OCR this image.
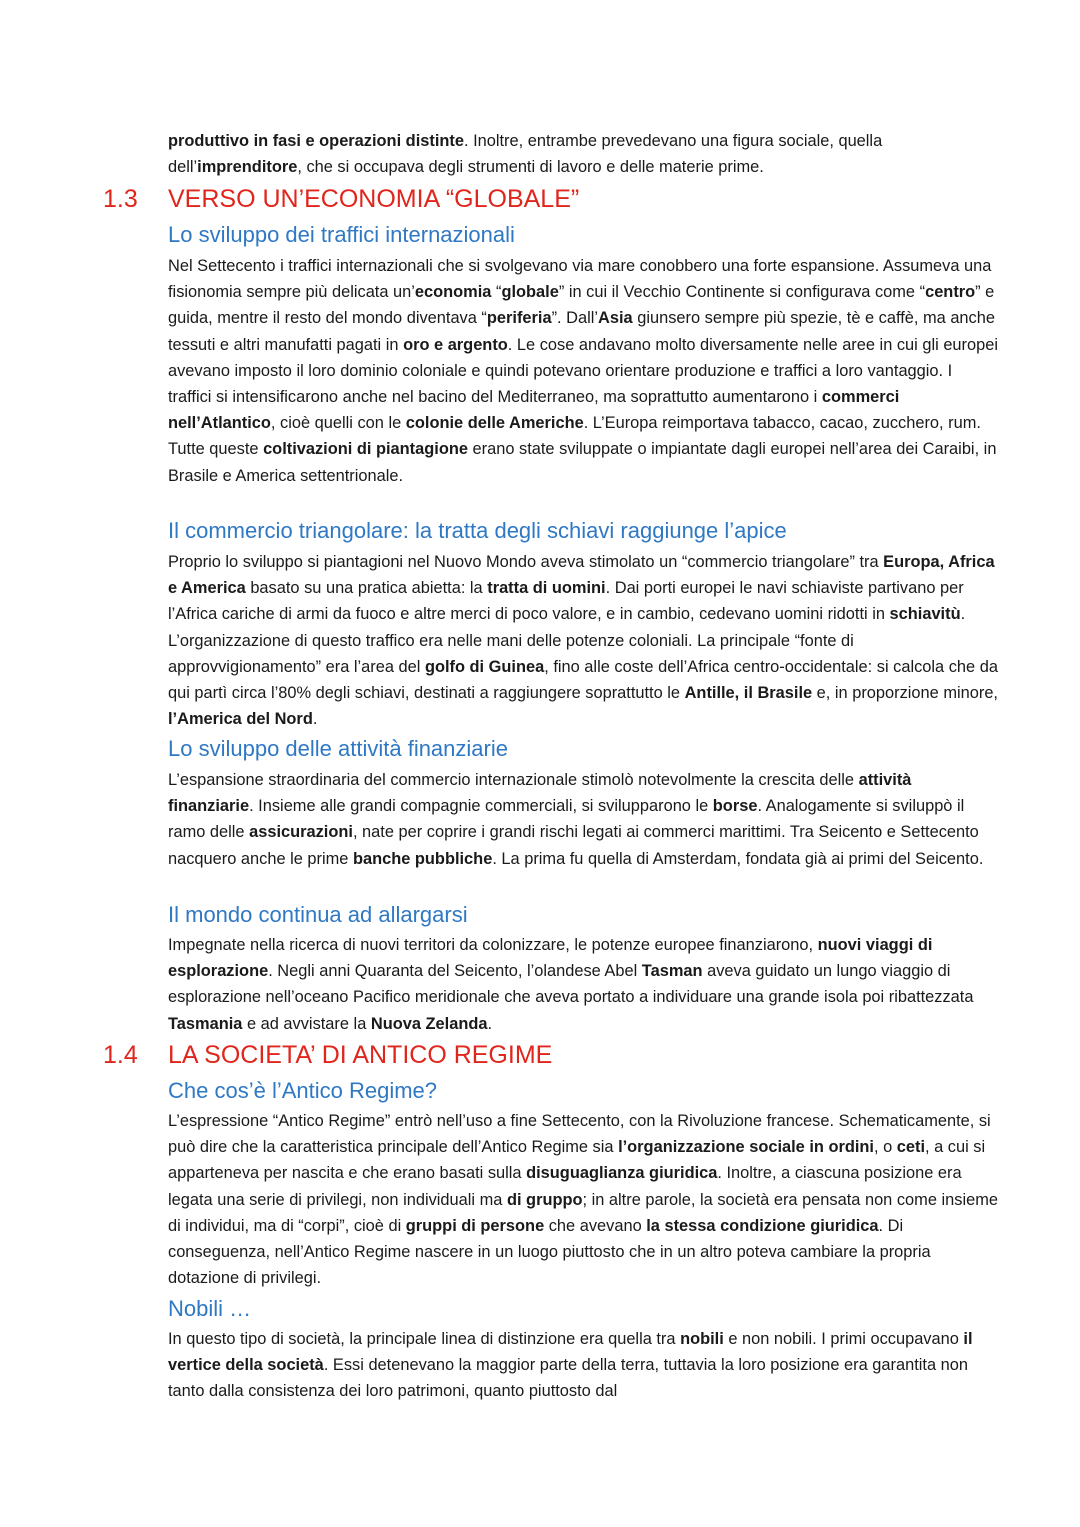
produttivo in fasi e operazioni distinte. Inoltre, entrambe prevedevano una figura sociale, quella dell’imprenditore, che si occupava degli strumenti di lavoro e delle materie prime.

1.3 VERSO UN’ECONOMIA “GLOBALE”
Lo sviluppo dei traffici internazionali

Nel Settecento i traffici internazionali che si svolgevano via mare conobbero una forte espansione. Assumeva una fisionomia sempre più delicata un’economia “globale” in cui il Vecchio Continente si configurava come “centro” e guida, mentre il resto del mondo diventava “periferia”. Dall’Asia giunsero sempre più spezie, tè e caffè, ma anche tessuti e altri manufatti pagati in oro e argento. Le cose andavano molto diversamente nelle aree in cui gli europei avevano imposto il loro dominio coloniale e quindi potevano orientare produzione e traffici a loro vantaggio. I traffici si intensificarono anche nel bacino del Mediterraneo, ma soprattutto aumentarono i commerci nell’Atlantico, cioè quelli con le colonie delle Americhe. L’Europa reimportava tabacco, cacao, zucchero, rum. Tutte queste coltivazioni di piantagione erano state sviluppate o impiantate dagli europei nell’area dei Caraibi, in Brasile e America settentrionale.

Il commercio triangolare: la tratta degli schiavi raggiunge l’apice

Proprio lo sviluppo si piantagioni nel Nuovo Mondo aveva stimolato un “commercio triangolare” tra Europa, Africa e America basato su una pratica abietta: la tratta di uomini. Dai porti europei le navi schiaviste partivano per l’Africa cariche di armi da fuoco e altre merci di poco valore, e in cambio, cedevano uomini ridotti in schiavitù. L’organizzazione di questo traffico era nelle mani delle potenze coloniali. La principale “fonte di approvvigionamento” era l’area del golfo di Guinea, fino alle coste dell’Africa centro-occidentale: si calcola che da qui partì circa l’80% degli schiavi, destinati a raggiungere soprattutto le Antille, il Brasile e, in proporzione minore, l’America del Nord.

Lo sviluppo delle attività finanziarie

L’espansione straordinaria del commercio internazionale stimolò notevolmente la crescita delle attività finanziarie. Insieme alle grandi compagnie commerciali, si svilupparono le borse. Analogamente si sviluppò il ramo delle assicurazioni, nate per coprire i grandi rischi legati ai commerci marittimi. Tra Seicento e Settecento nacquero anche le prime banche pubbliche. La prima fu quella di Amsterdam, fondata già ai primi del Seicento.

Il mondo continua ad allargarsi

Impegnate nella ricerca di nuovi territori da colonizzare, le potenze europee finanziarono, nuovi viaggi di esplorazione. Negli anni Quaranta del Seicento, l’olandese Abel Tasman aveva guidato un lungo viaggio di esplorazione nell’oceano Pacifico meridionale che aveva portato a individuare una grande isola poi ribattezzata Tasmania e ad avvistare la Nuova Zelanda.

1.4 LA SOCIETA’ DI ANTICO REGIME
Che cos’è l’Antico Regime?

L’espressione “Antico Regime” entrò nell’uso a fine Settecento, con la Rivoluzione francese. Schematicamente, si può dire che la caratteristica principale dell’Antico Regime sia l’organizzazione sociale in ordini, o ceti, a cui si apparteneva per nascita e che erano basati sulla disuguaglianza giuridica. Inoltre, a ciascuna posizione era legata una serie di privilegi, non individuali ma di gruppo; in altre parole, la società era pensata non come insieme di individui, ma di “corpi”, cioè di gruppi di persone che avevano la stessa condizione giuridica. Di conseguenza, nell’Antico Regime nascere in un luogo piuttosto che in un altro poteva cambiare la propria dotazione di privilegi.

Nobili …

In questo tipo di società, la principale linea di distinzione era quella tra nobili e non nobili. I primi occupavano il vertice della società. Essi detenevano la maggior parte della terra, tuttavia la loro posizione era garantita non tanto dalla consistenza dei loro patrimoni, quanto piuttosto dal
